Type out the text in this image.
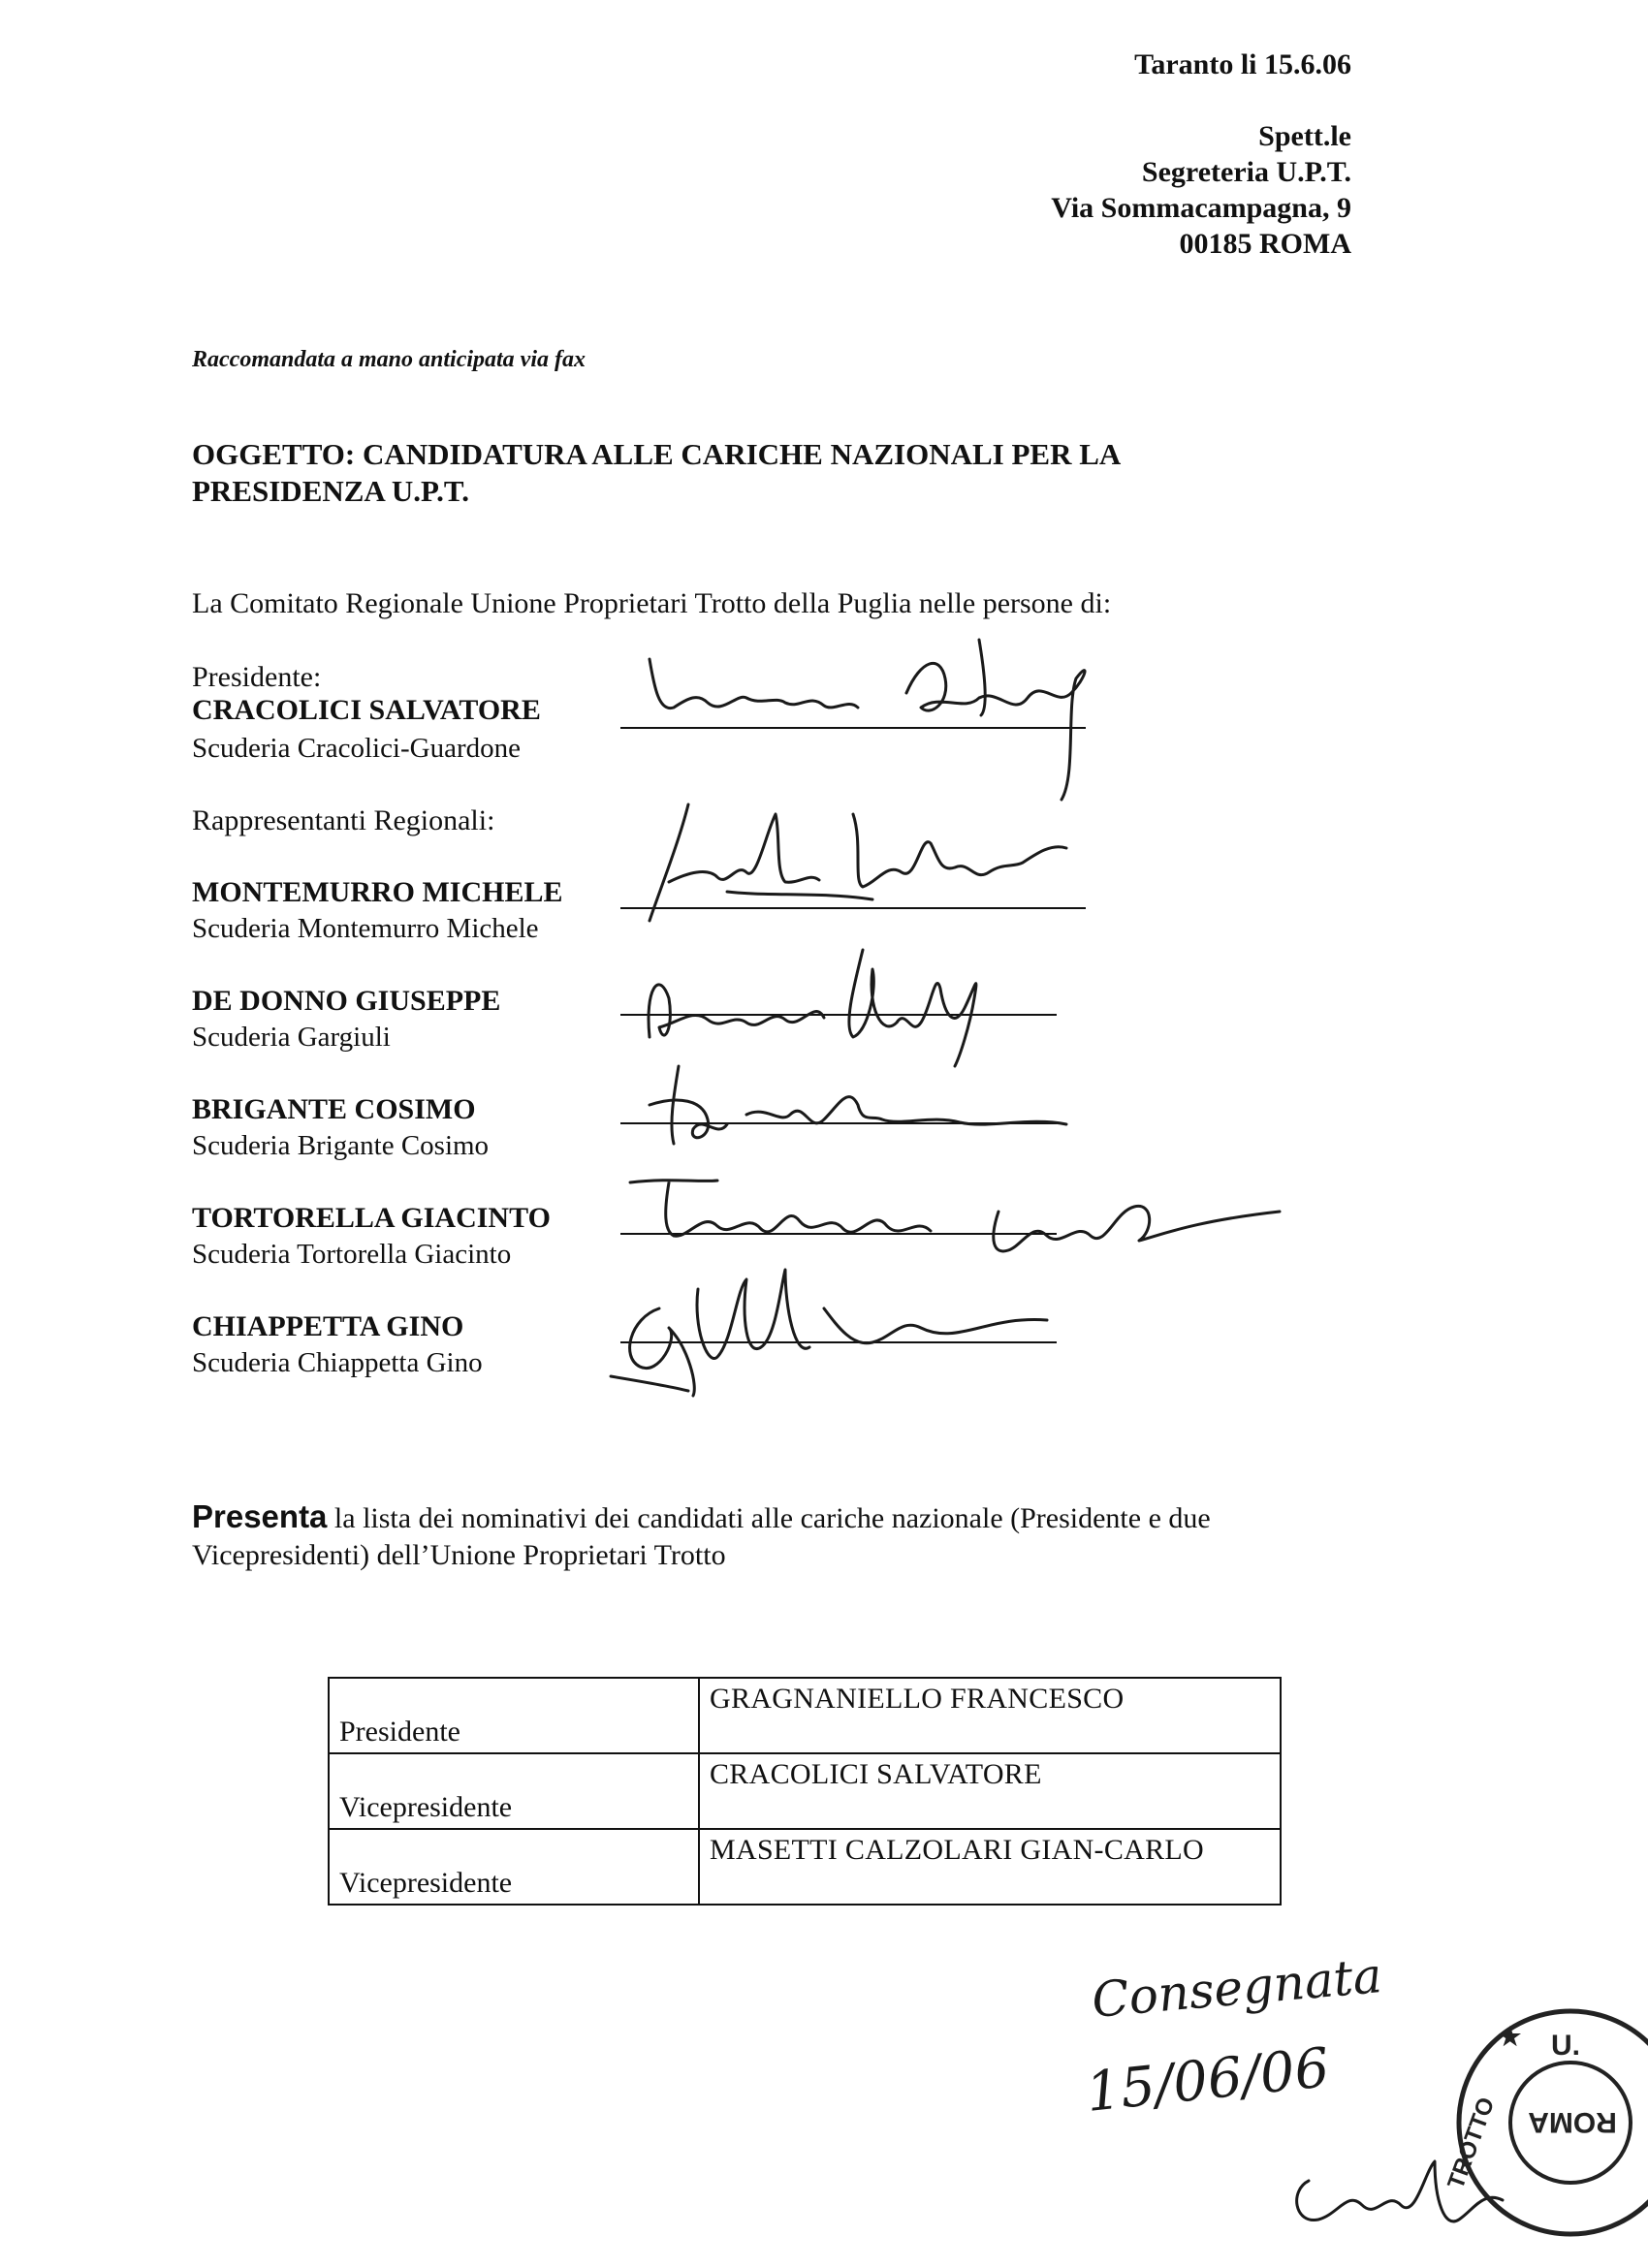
Taranto li 15.6.06
Spett.le
Segreteria U.P.T.
Via Sommacampagna, 9
00185 ROMA
Raccomandata a mano anticipata via fax
OGGETTO: CANDIDATURA ALLE CARICHE NAZIONALI PER LA
PRESIDENZA U.P.T.
La Comitato Regionale Unione Proprietari Trotto della Puglia nelle persone di:
Presidente:
CRACOLICI SALVATORE
Scuderia Cracolici-Guardone
Rappresentanti Regionali:
MONTEMURRO MICHELE
Scuderia Montemurro Michele
DE DONNO GIUSEPPE
Scuderia Gargiuli
BRIGANTE COSIMO
Scuderia Brigante Cosimo
TORTORELLA GIACINTO
Scuderia Tortorella Giacinto
CHIAPPETTA GINO
Scuderia Chiappetta Gino
Presenta la lista dei nominativi dei candidati alle cariche nazionale (Presidente e due
Vicepresidenti) dell’Unione Proprietari Trotto
Presidente	GRAGNANIELLO FRANCESCO
Vicepresidente	CRACOLICI SALVATORE
Vicepresidente	MASETTI CALZOLARI GIAN-CARLO
Consegnata
15/06/06	ROMA
★ U.
TROTTO
